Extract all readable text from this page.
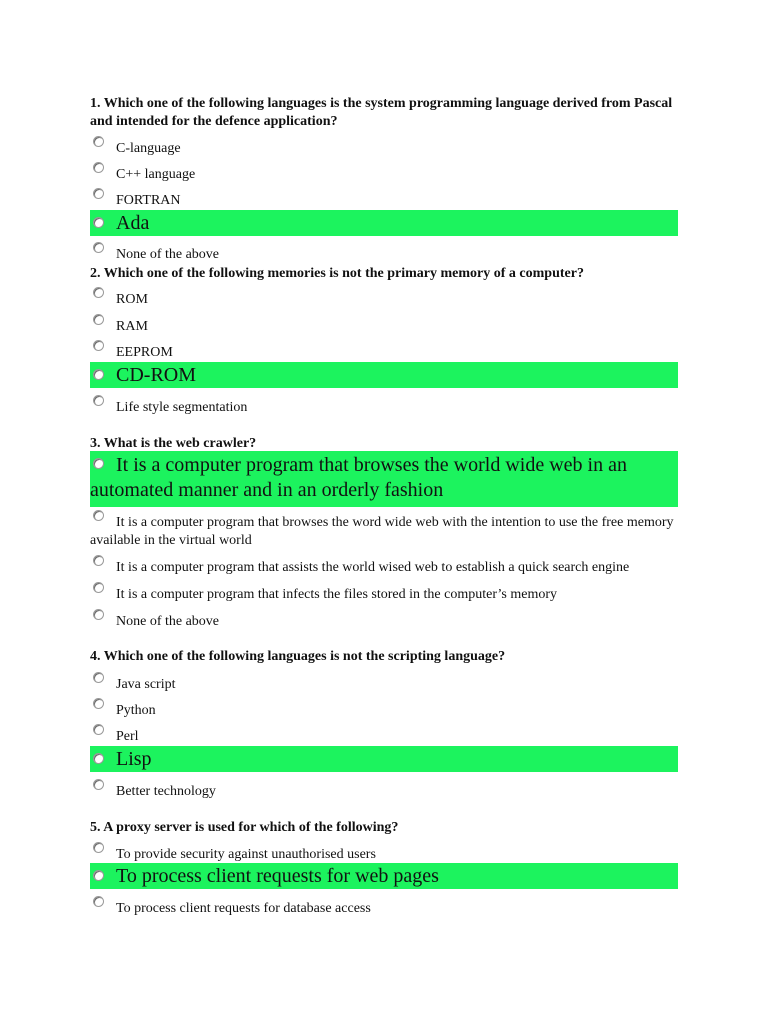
1. Which one of the following languages is the system programming language derived from Pascal and intended for the defence application?
C-language
C++ language
FORTRAN
Ada
None of the above
2. Which one of the following memories is not the primary memory of a computer?
ROM
RAM
EEPROM
CD-ROM
Life style segmentation
3. What is the web crawler?
It is a computer program that browses the world wide web in an automated manner and in an orderly fashion
It is a computer program that browses the word wide web with the intention to use the free memory available in the virtual world
It is a computer program that assists the world wised web to establish a quick search engine
It is a computer program that infects the files stored in the computer’s memory
None of the above
4. Which one of the following languages is not the scripting language?
Java script
Python
Perl
Lisp
Better technology
5. A proxy server is used for which of the following?
To provide security against unauthorised users
To process client requests for web pages
To process client requests for database access
